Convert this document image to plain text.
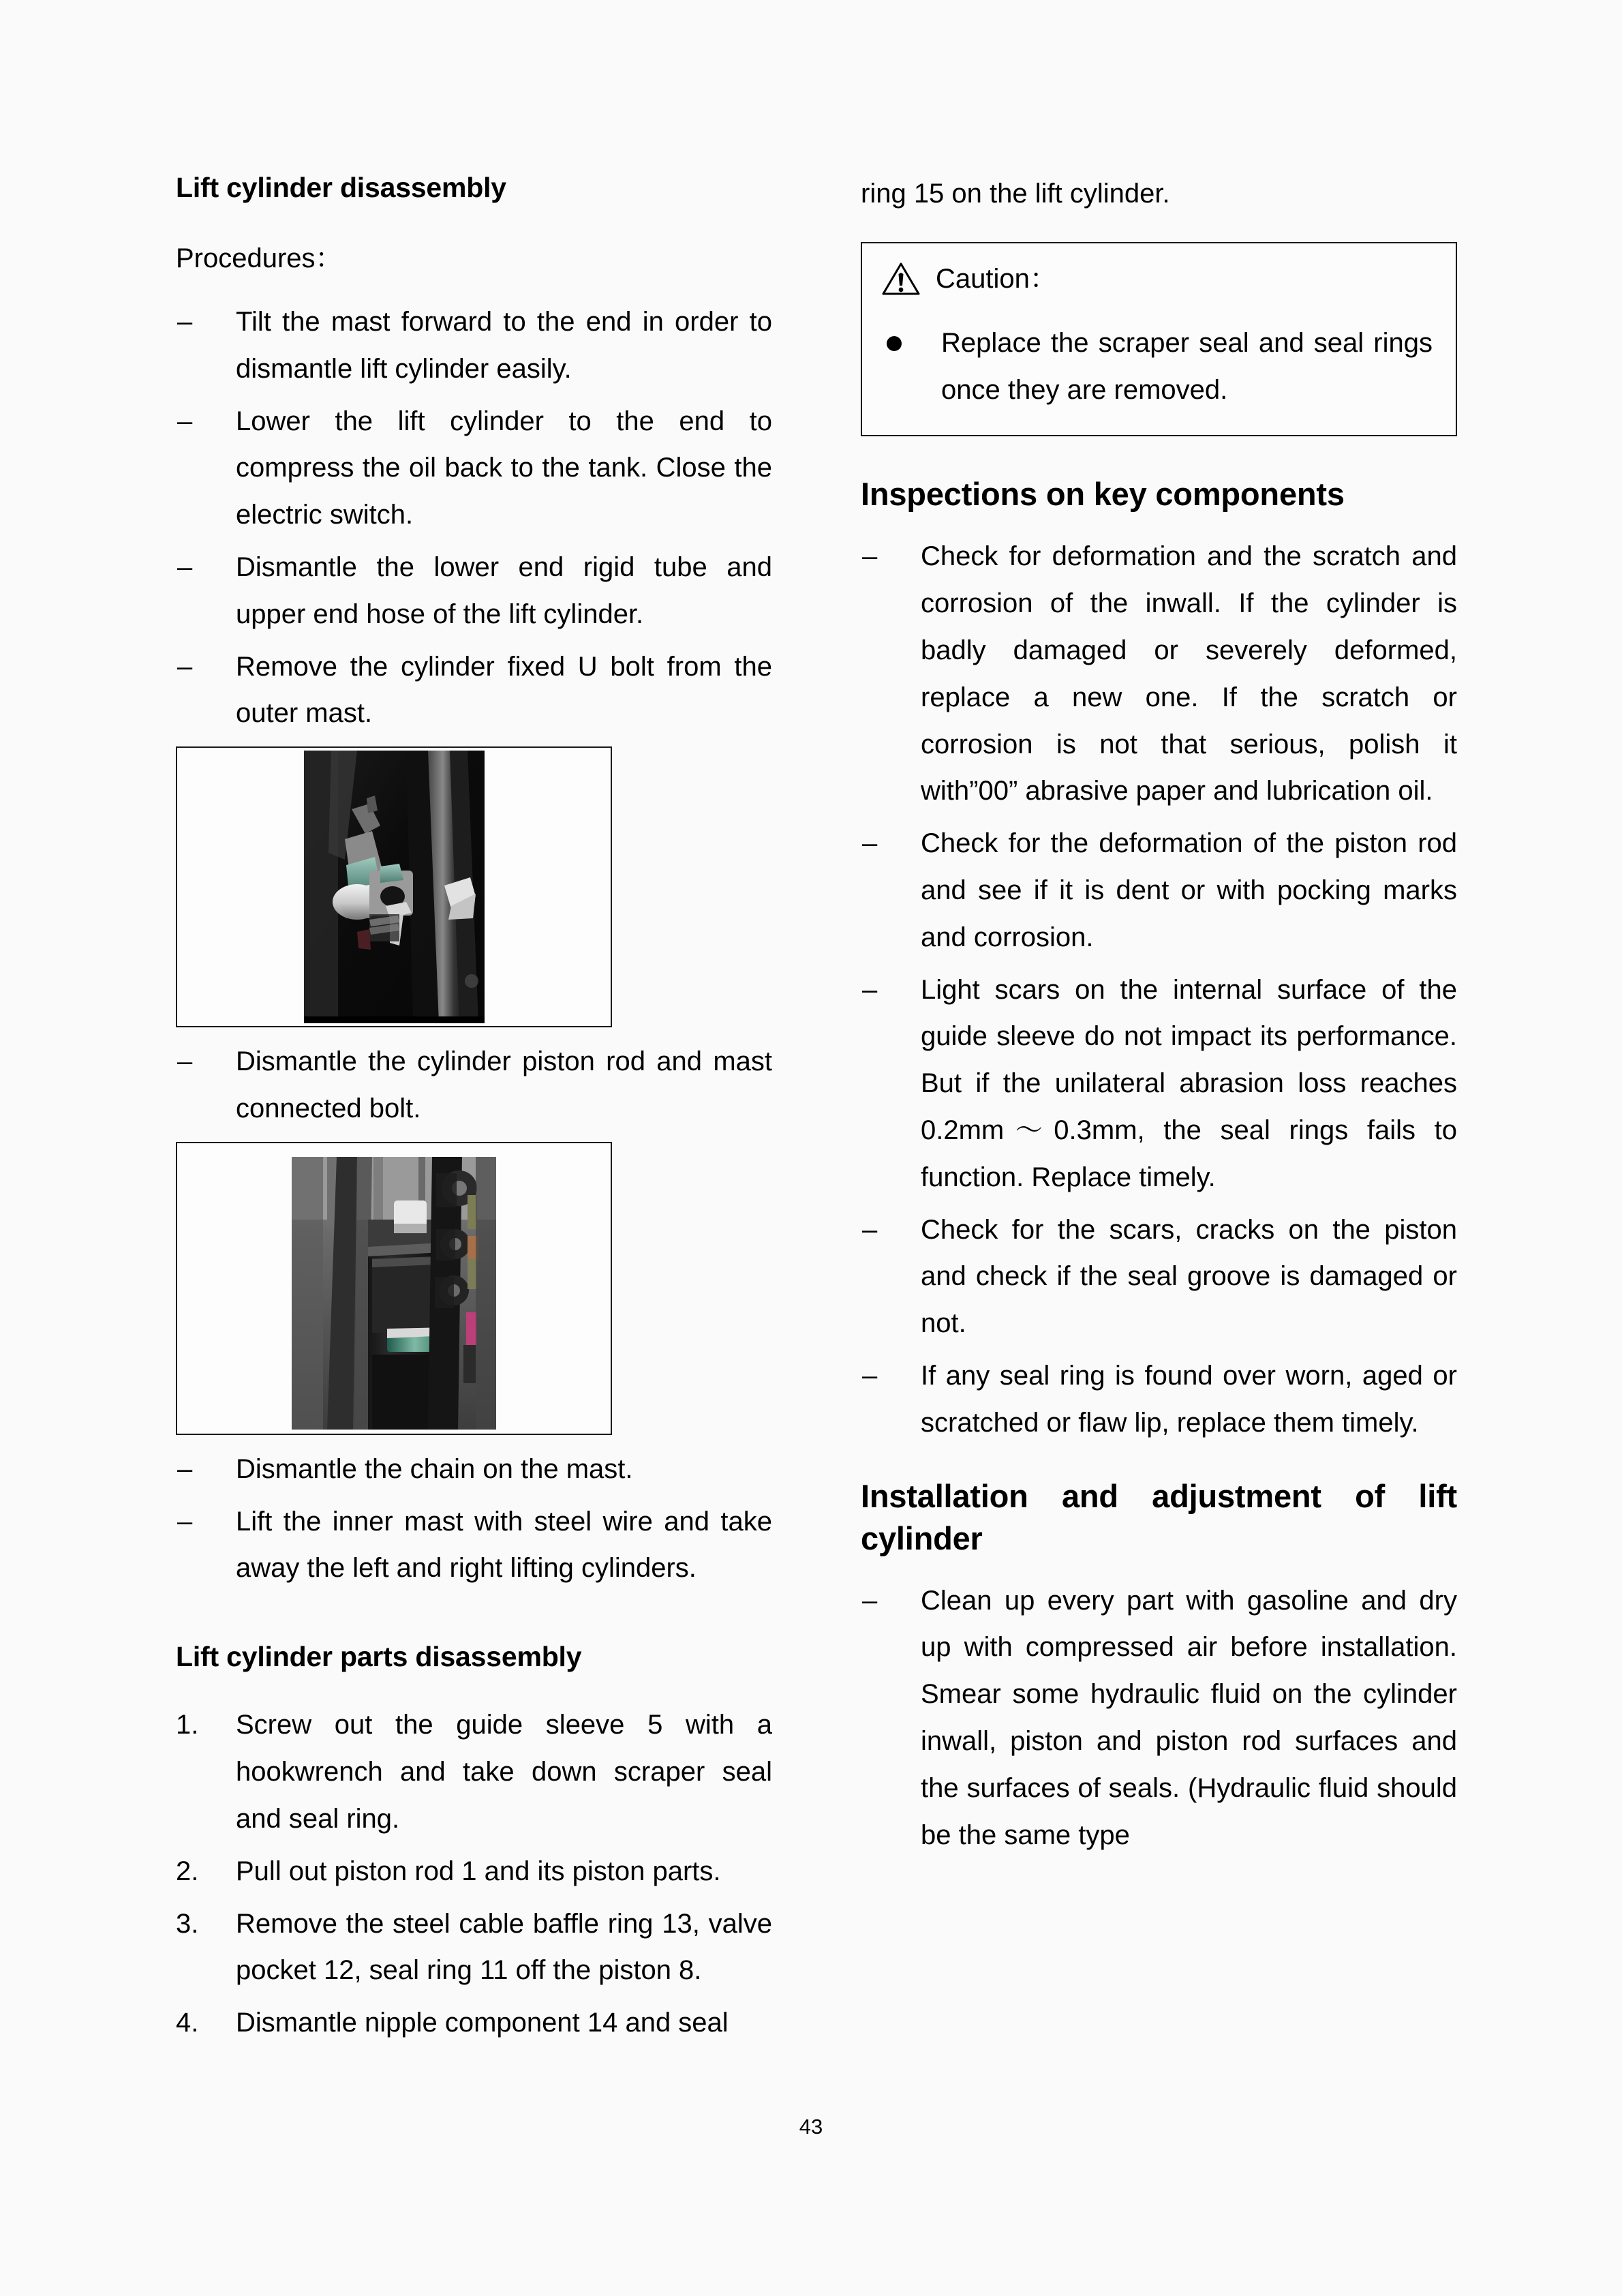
Lift cylinder disassembly
Procedures：
–	Tilt the mast forward to the end in order to dismantle lift cylinder easily.
–	Lower the lift cylinder to the end to compress the oil back to the tank. Close the electric switch.
–	Dismantle the lower end rigid tube and upper end hose of the lift cylinder.
–	Remove the cylinder fixed U bolt from the outer mast.
–	Dismantle the cylinder piston rod and mast connected bolt.
–	Dismantle the chain on the mast.
–	Lift the inner mast with steel wire and take away the left and right lifting cylinders.
Lift cylinder parts disassembly
1.	Screw out the guide sleeve 5 with a hookwrench and take down scraper seal and seal ring.
2.	Pull out piston rod 1 and its piston parts.
3.	Remove the steel cable baffle ring 13, valve pocket 12, seal ring 11 off the piston 8.
4.	Dismantle nipple component 14 and seal
ring 15 on the lift cylinder.
Caution：
Replace the scraper seal and seal rings once they are removed.
Inspections on key components
–	Check for deformation and the scratch and corrosion of the inwall. If the cylinder is badly damaged or severely deformed, replace a new one. If the scratch or corrosion is not that serious, polish it with”00” abrasive paper and lubrication oil.
–	Check for the deformation of the piston rod and see if it is dent or with pocking marks and corrosion.
–	Light scars on the internal surface of the guide sleeve do not impact its performance. But if the unilateral abrasion loss reaches 0.2mm～0.3mm, the seal rings fails to function. Replace timely.
–	Check for the scars, cracks on the piston and check if the seal groove is damaged or not.
–	If any seal ring is found over worn, aged or scratched or flaw lip, replace them timely.
Installation and adjustment of lift cylinder
–	Clean up every part with gasoline and dry up with compressed air before installation. Smear some hydraulic fluid on the cylinder inwall, piston and piston rod surfaces and the surfaces of seals. (Hydraulic fluid should be the same type
43
